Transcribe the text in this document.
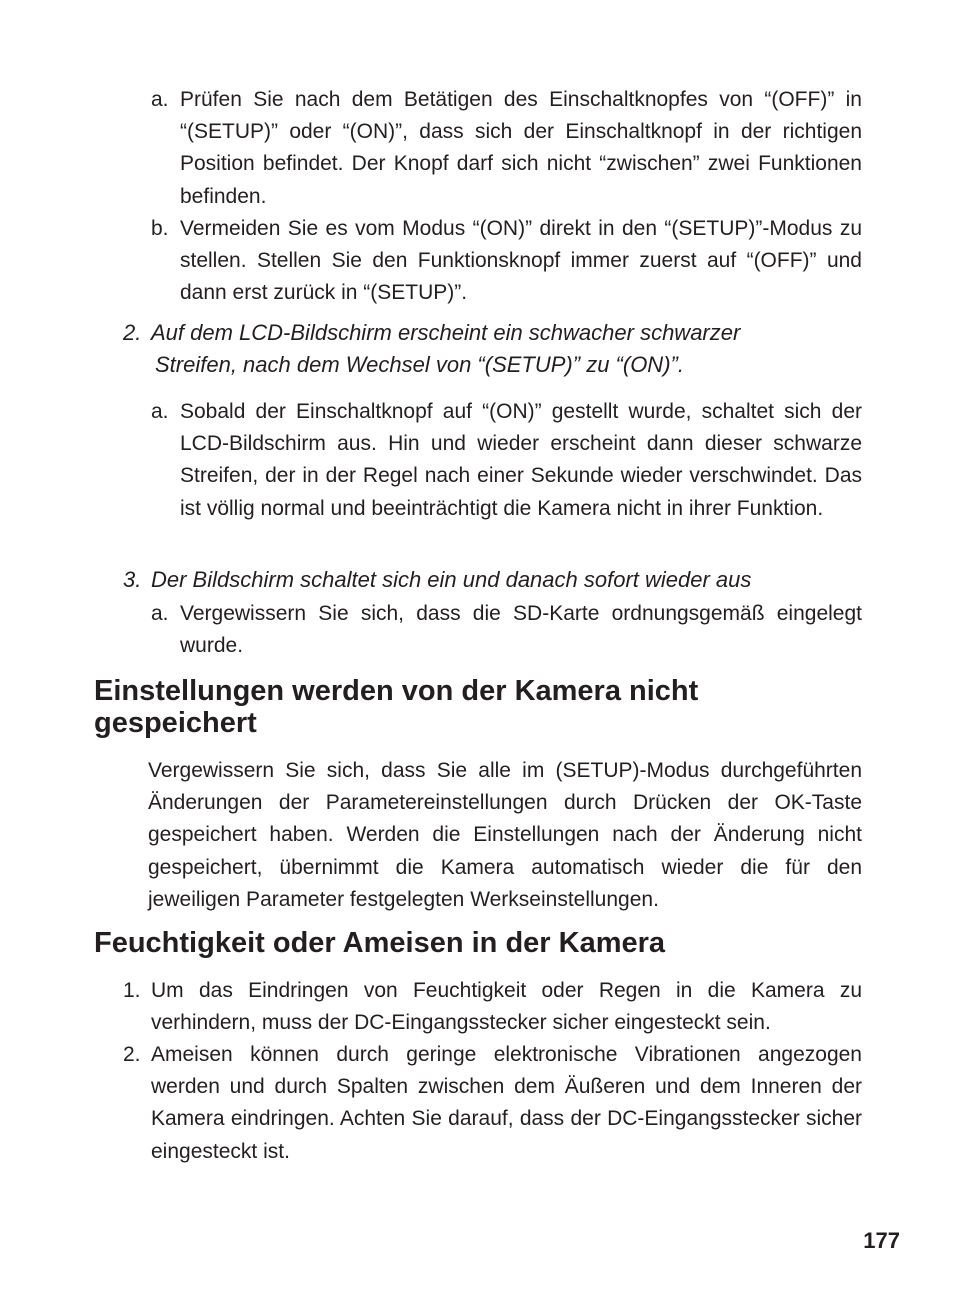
a. Prüfen Sie nach dem Betätigen des Einschaltknopfes von “(OFF)” in “(SETUP)” oder “(ON)”, dass sich der Einschaltknopf in der richtigen Position befindet. Der Knopf darf sich nicht “zwischen” zwei Funktionen befinden.
b. Vermeiden Sie es vom Modus “(ON)” direkt in den “(SETUP)”-Modus zu stellen. Stellen Sie den Funktionsknopf immer zuerst auf “(OFF)” und dann erst zurück in “(SETUP)”.
2. Auf dem LCD-Bildschirm erscheint ein schwacher schwarzer
Streifen, nach dem Wechsel von “(SETUP)” zu “(ON)”.
a. Sobald der Einschaltknopf auf “(ON)” gestellt wurde, schaltet sich der LCD-Bildschirm aus. Hin und wieder erscheint dann dieser schwarze Streifen, der in der Regel nach einer Sekunde wieder verschwindet. Das ist völlig normal und beeinträchtigt die Kamera nicht in ihrer Funktion.
3. Der Bildschirm schaltet sich ein und danach sofort wieder aus
a. Vergewissern Sie sich, dass die SD-Karte ordnungsgemäß eingelegt wurde.
Einstellungen werden von der Kamera nicht
gespeichert

Vergewissern Sie sich, dass Sie alle im (SETUP)-Modus durchgeführten Änderungen der Parametereinstellungen durch Drücken der OK-Taste gespeichert haben. Werden die Einstellungen nach der Änderung nicht gespeichert, übernimmt die Kamera automatisch wieder die für den jeweiligen Parameter festgelegten Werkseinstellungen.

Feuchtigkeit oder Ameisen in der Kamera
1. Um das Eindringen von Feuchtigkeit oder Regen in die Kamera zu verhindern, muss der DC-Eingangsstecker sicher eingesteckt sein.
2. Ameisen können durch geringe elektronische Vibrationen angezogen werden und durch Spalten zwischen dem Äußeren und dem Inneren der Kamera eindringen. Achten Sie darauf, dass der DC-Eingangsstecker sicher eingesteckt ist.
177
